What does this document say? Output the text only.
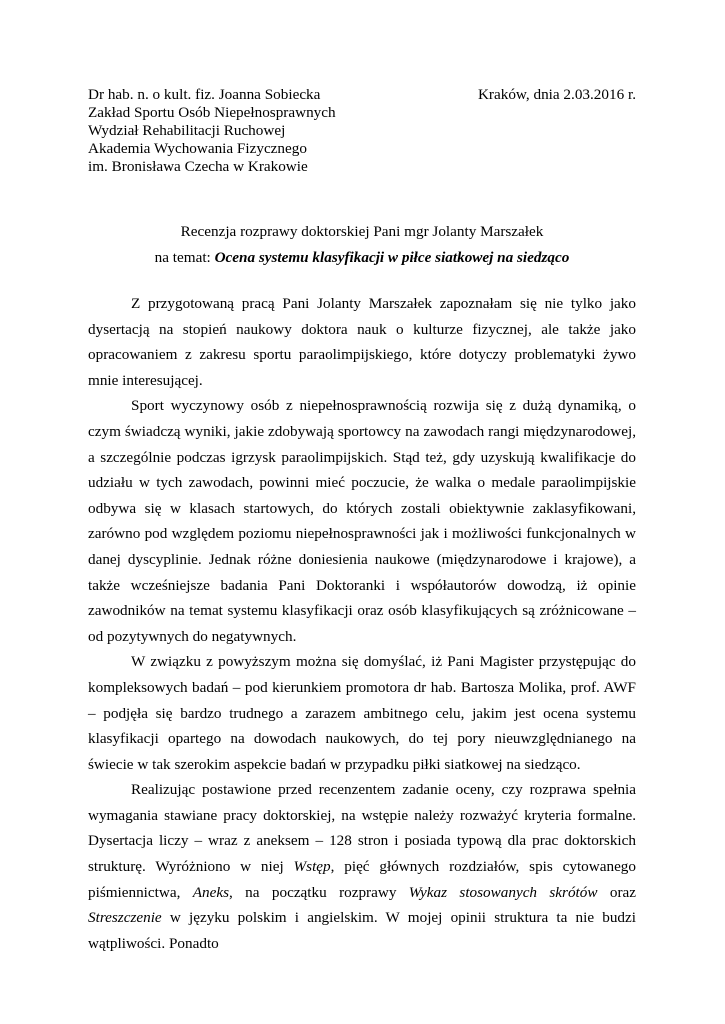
Dr hab. n. o kult. fiz. Joanna Sobiecka
Zakład Sportu Osób Niepełnosprawnych
Wydział Rehabilitacji Ruchowej
Akademia Wychowania Fizycznego
im. Bronisława Czecha w Krakowie
Kraków, dnia 2.03.2016 r.
Recenzja rozprawy doktorskiej Pani mgr Jolanty Marszałek
na temat: Ocena systemu klasyfikacji w piłce siatkowej na siedząco

Z przygotowaną pracą Pani Jolanty Marszałek zapoznałam się nie tylko jako dysertacją na stopień naukowy doktora nauk o kulturze fizycznej, ale także jako opracowaniem z zakresu sportu paraolimpijskiego, które dotyczy problematyki żywo mnie interesującej.

Sport wyczynowy osób z niepełnosprawnością rozwija się z dużą dynamiką, o czym świadczą wyniki, jakie zdobywają sportowcy na zawodach rangi międzynarodowej, a szczególnie podczas igrzysk paraolimpijskich. Stąd też, gdy uzyskują kwalifikacje do udziału w tych zawodach, powinni mieć poczucie, że walka o medale paraolimpijskie odbywa się w klasach startowych, do których zostali obiektywnie zaklasyfikowani, zarówno pod względem poziomu niepełnosprawności jak i możliwości funkcjonalnych w danej dyscyplinie. Jednak różne doniesienia naukowe (międzynarodowe i krajowe), a także wcześniejsze badania Pani Doktoranki i współautorów dowodzą, iż opinie zawodników na temat systemu klasyfikacji oraz osób klasyfikujących są zróżnicowane – od pozytywnych do negatywnych.

W związku z powyższym można się domyślać, iż Pani Magister przystępując do kompleksowych badań – pod kierunkiem promotora dr hab. Bartosza Molika, prof. AWF – podjęła się bardzo trudnego a zarazem ambitnego celu, jakim jest ocena systemu klasyfikacji opartego na dowodach naukowych, do tej pory nieuwzględnianego na świecie w tak szerokim aspekcie badań w przypadku piłki siatkowej na siedząco.

Realizując postawione przed recenzentem zadanie oceny, czy rozprawa spełnia wymagania stawiane pracy doktorskiej, na wstępie należy rozważyć kryteria formalne. Dysertacja liczy – wraz z aneksem – 128 stron i posiada typową dla prac doktorskich strukturę. Wyróżniono w niej Wstęp, pięć głównych rozdziałów, spis cytowanego piśmiennictwa, Aneks, na początku rozprawy Wykaz stosowanych skrótów oraz Streszczenie w języku polskim i angielskim. W mojej opinii struktura ta nie budzi wątpliwości. Ponadto
